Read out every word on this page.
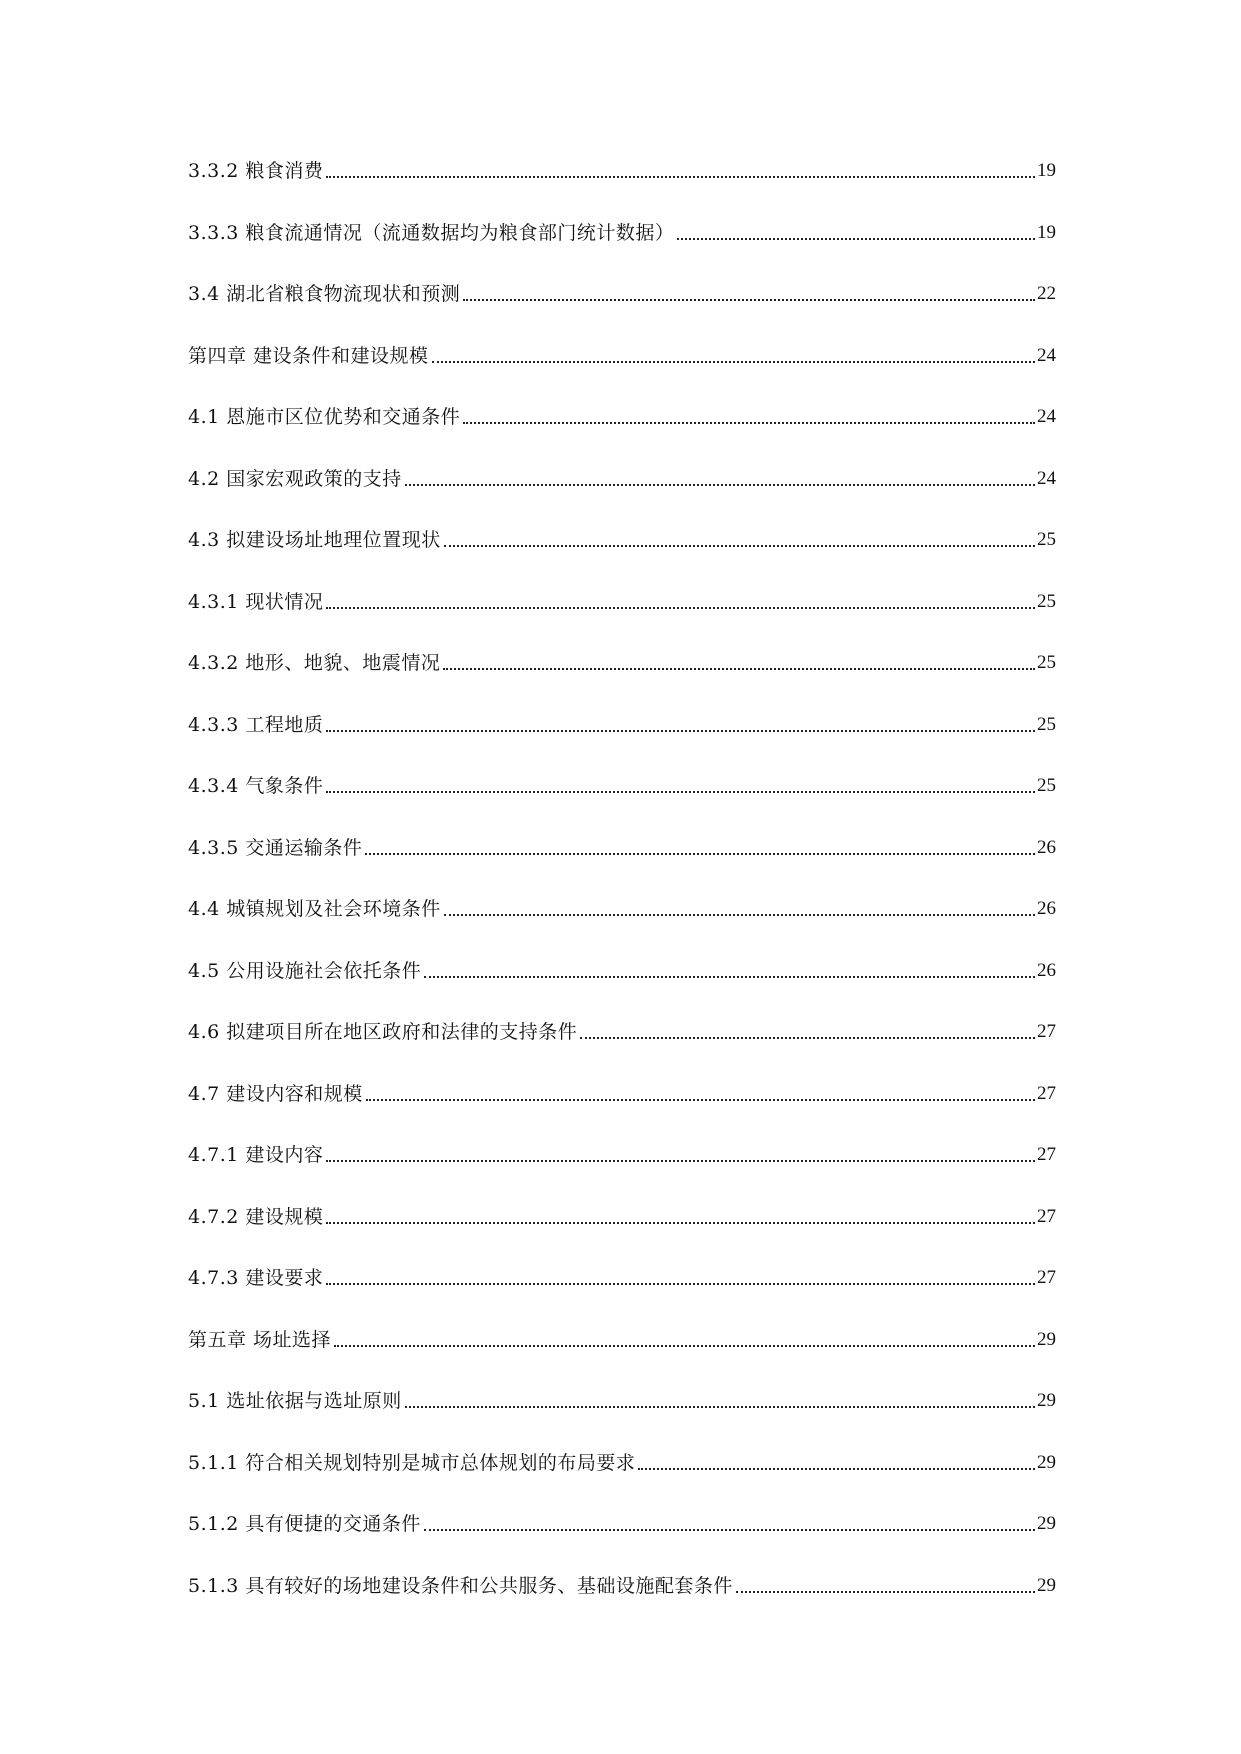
3.3.2 粮食消费	19
3.3.3 粮食流通情况（流通数据均为粮食部门统计数据）	19
3.4 湖北省粮食物流现状和预测	22
第四章 建设条件和建设规模	24
4.1 恩施市区位优势和交通条件	24
4.2 国家宏观政策的支持	24
4.3 拟建设场址地理位置现状	25
4.3.1 现状情况	25
4.3.2 地形、地貌、地震情况	25
4.3.3 工程地质	25
4.3.4 气象条件	25
4.3.5 交通运输条件	26
4.4 城镇规划及社会环境条件	26
4.5 公用设施社会依托条件	26
4.6 拟建项目所在地区政府和法律的支持条件	27
4.7 建设内容和规模	27
4.7.1 建设内容	27
4.7.2 建设规模	27
4.7.3 建设要求	27
第五章 场址选择	29
5.1 选址依据与选址原则	29
5.1.1 符合相关规划特别是城市总体规划的布局要求	29
5.1.2 具有便捷的交通条件	29
5.1.3 具有较好的场地建设条件和公共服务、基础设施配套条件	29
